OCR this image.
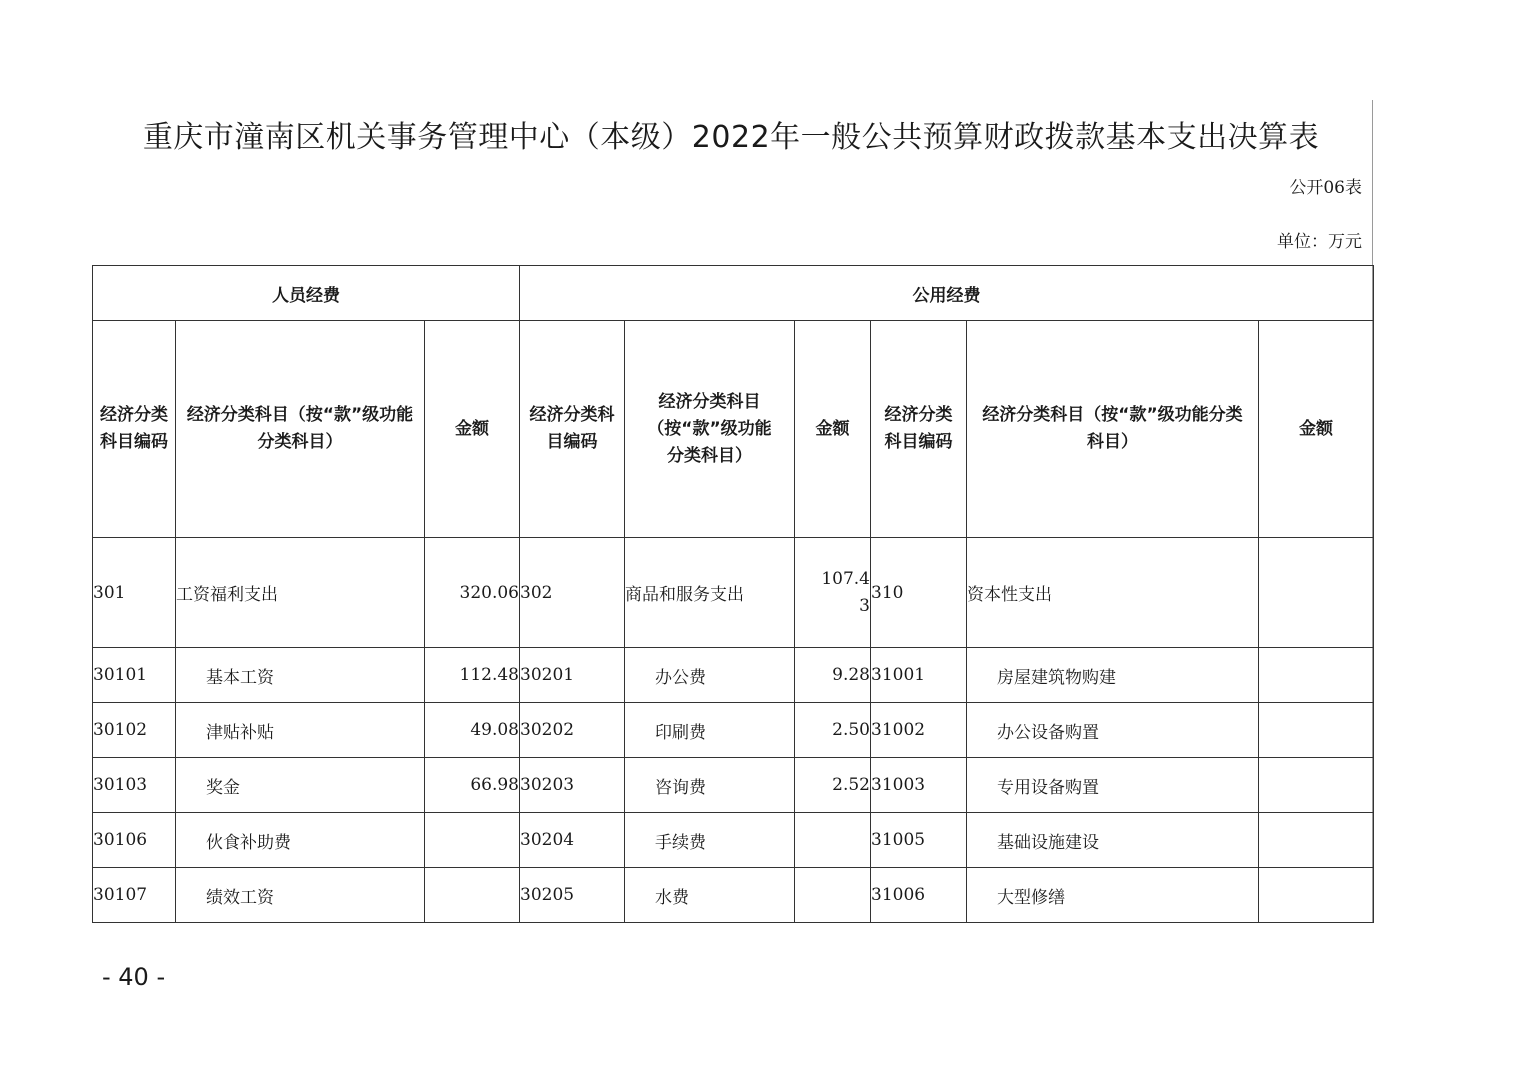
重庆市潼南区机关事务管理中心（本级）2022年一般公共预算财政拨款基本支出决算表
公开06表
单位：万元
人员经费			公用经费					
经济分类科目编码	经济分类科目（按“款”级功能分类科目）	金额	经济分类科目编码	经济分类科目（按“款”级功能分类科目）	金额	经济分类科目编码	经济分类科目（按“款”级功能分类科目）	金额
301	工资福利支出	320.06	302	商品和服务支出	107.43	310	资本性支出	
30101	基本工资	112.48	30201	办公费	9.28	31001	房屋建筑物购建	
30102	津贴补贴	49.08	30202	印刷费	2.50	31002	办公设备购置	
30103	奖金	66.98	30203	咨询费	2.52	31003	专用设备购置	
30106	伙食补助费		30204	手续费		31005	基础设施建设	
30107	绩效工资		30205	水费		31006	大型修缮	
- 40 -
